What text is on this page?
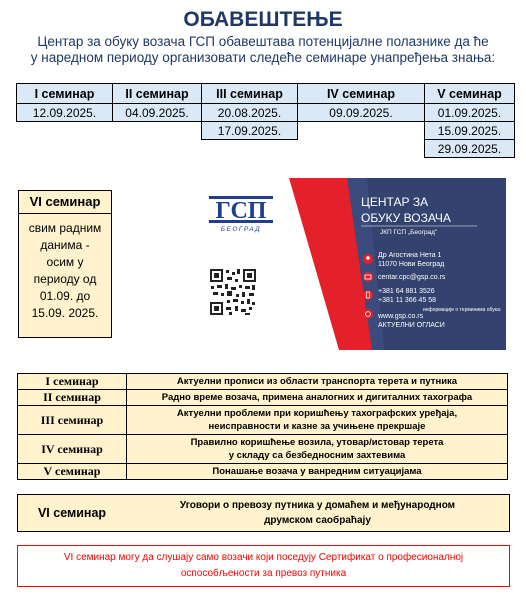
ОБАВЕШТЕЊЕ
Центар за обуку возача ГСП обавештава потенцијалне полазнике да ће
у наредном периоду организовати следеће семинаре унапређења знања:
I семинар	II семинар	III семинар	IV семинар	V семинар
12.09.2025.	04.09.2025.	20.08.2025.	09.09.2025.	01.09.2025.
		17.09.2025.		15.09.2025.
				29.09.2025.
VI семинар
свим радним
данима -
осим у
периоду од
01.09. до
15.09. 2025.
ГСП
БЕОГРАД
ЦЕНТАР ЗА
ОБУКУ ВОЗАЧА
ЈКП ГСП „Београд"
Др Агостина Нета 1
11070 Нови Београд
centar.cpc@gsp.co.rs
+381 64 881 3526
+381 11 366 45 58
информације о терминима обука:
www.gsp.co.rs
АКТУЕЛНИ ОГЛАСИ
I семинар	Актуелни прописи из области транспорта терета и путника

II семинар	Радно време возача, примена аналогних и дигиталних тахографа

III семинар	Актуелни проблеми при коришћењу тахографских уређаја,
неисправности и казне за учињене прекршаје

IV семинар	Правилно коришћење возила, утовар/истовар терета
у складу са безбедносним захтевима

V семинар	Понашање возача у ванредним ситуацијама
VI семинар
Уговори о превозу путника у домаћем и међународном
друмском саобраћају
VI семинар могу да слушају само возачи који поседују Сертификат о професионалној
оспособљености за превоз путника
